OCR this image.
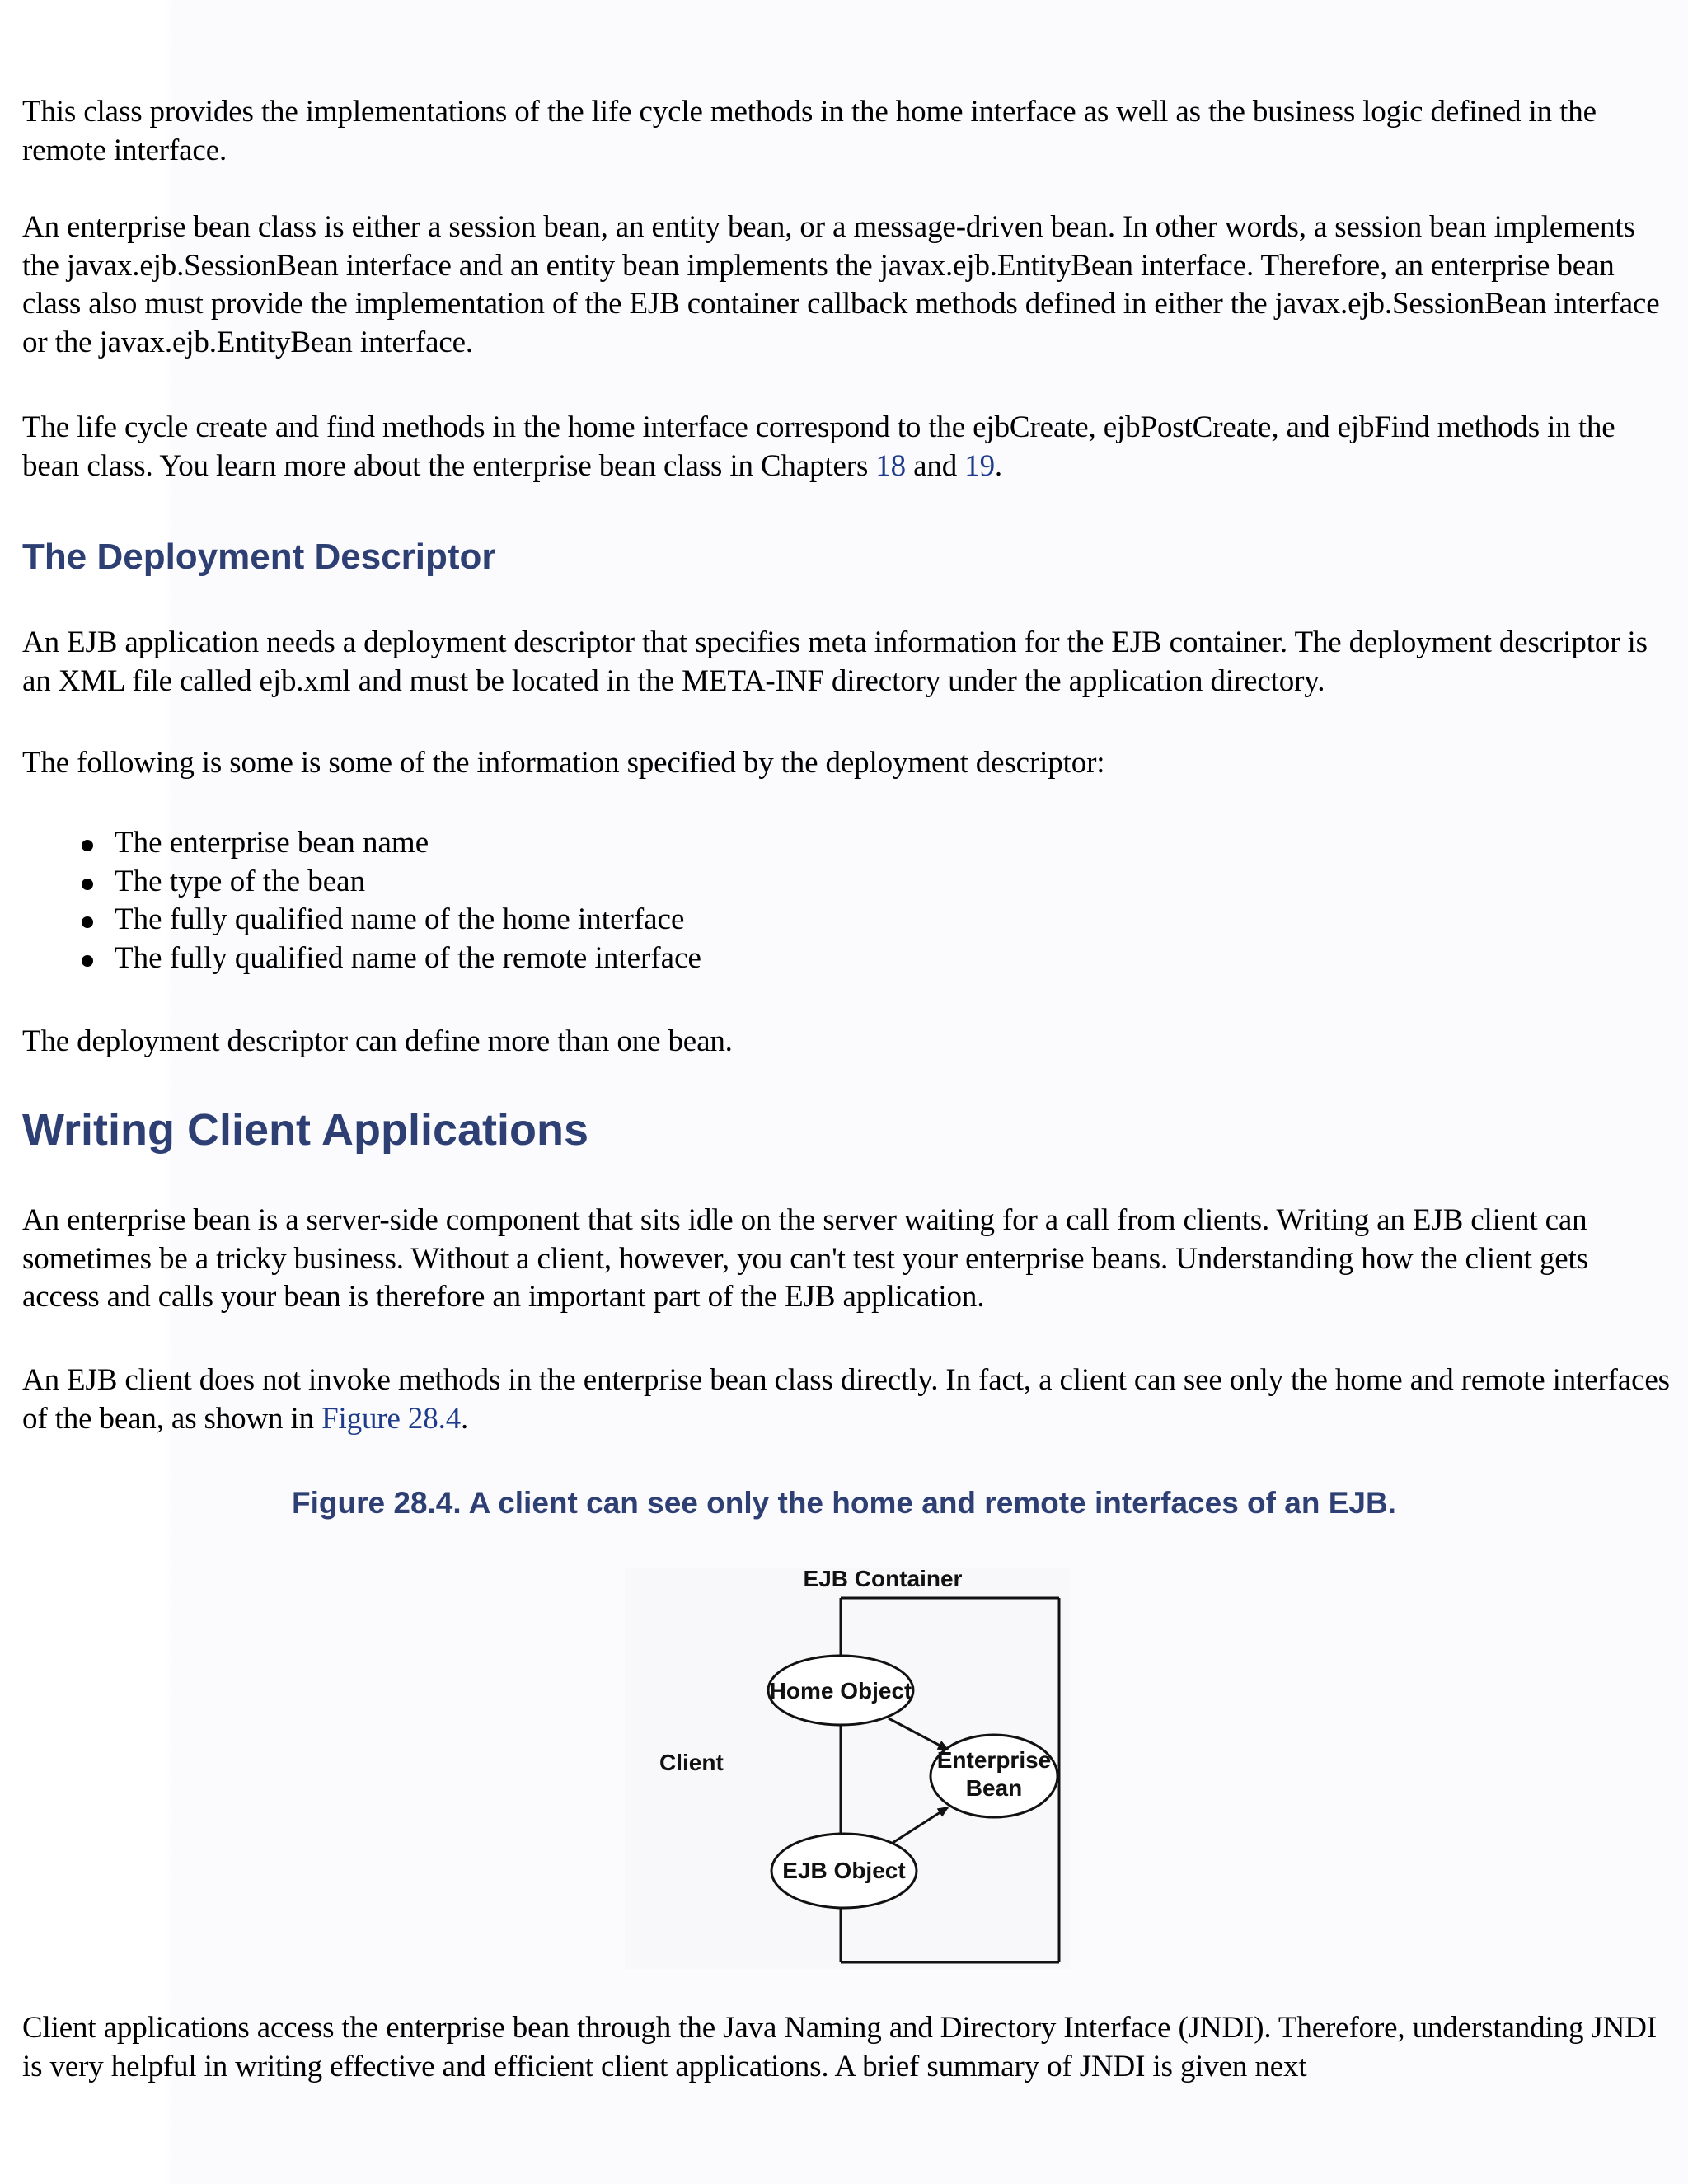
This class provides the implementations of the life cycle methods in the home interface as well as the business logic defined in the remote interface.

An enterprise bean class is either a session bean, an entity bean, or a message-driven bean. In other words, a session bean implements the javax.ejb.SessionBean interface and an entity bean implements the javax.ejb.EntityBean interface. Therefore, an enterprise bean class also must provide the implementation of the EJB container callback methods defined in either the javax.ejb.SessionBean interface or the javax.ejb.EntityBean interface.

The life cycle create and find methods in the home interface correspond to the ejbCreate, ejbPostCreate, and ejbFind methods in the bean class. You learn more about the enterprise bean class in Chapters 18 and 19.

The Deployment Descriptor

An EJB application needs a deployment descriptor that specifies meta information for the EJB container. The deployment descriptor is an XML file called ejb.xml and must be located in the META-INF directory under the application directory.

The following is some is some of the information specified by the deployment descriptor:

The enterprise bean name
The type of the bean
The fully qualified name of the home interface
The fully qualified name of the remote interface

The deployment descriptor can define more than one bean.

Writing Client Applications

An enterprise bean is a server-side component that sits idle on the server waiting for a call from clients. Writing an EJB client can sometimes be a tricky business. Without a client, however, you can't test your enterprise beans. Understanding how the client gets access and calls your bean is therefore an important part of the EJB application.

An EJB client does not invoke methods in the enterprise bean class directly. In fact, a client can see only the home and remote interfaces of the bean, as shown in Figure 28.4.

Figure 28.4. A client can see only the home and remote interfaces of an EJB.

EJB Container
Client
Home Object
Enterprise
Bean
EJB Object

Client applications access the enterprise bean through the Java Naming and Directory Interface (JNDI). Therefore, understanding JNDI is very helpful in writing effective and efficient client applications. A brief summary of JNDI is given next
